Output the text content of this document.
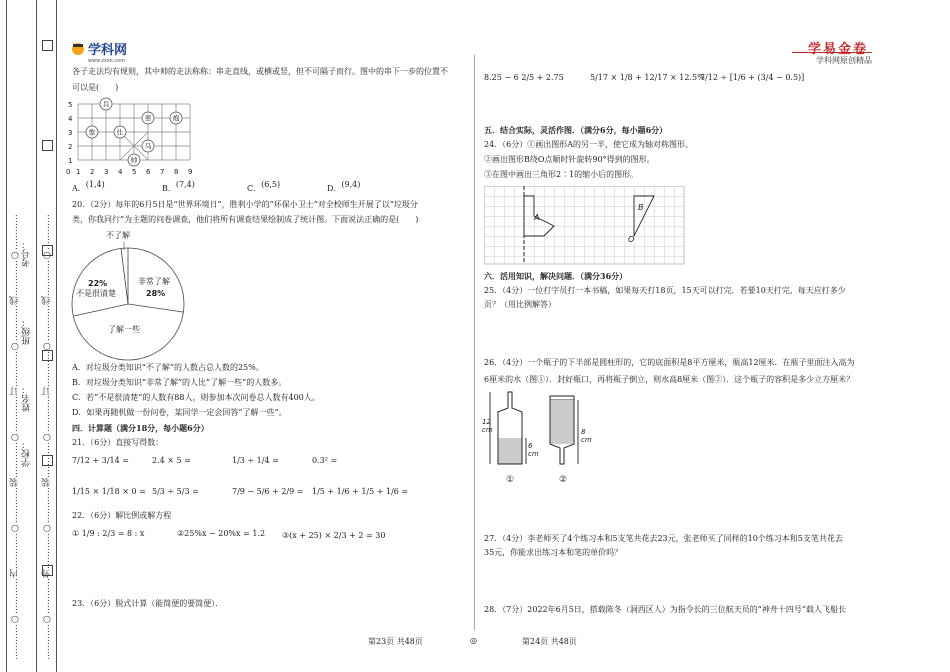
…………○…………外…………○…………装…………○…………订…………○…………线…………○…………
…………○…………内…………○…………装…………○…………订…………○…………线…………○………… 学校：
姓名：
班级：
考号：
学科网
www.zxxk.com
学易金卷
学科网原创精品
各子走法均有规则，其中帅的走法称称：串走直线，或横或竖，但不可隔子而行。图中的串下一步的位置不
可以是(　　)
5
4
3
2
1
0 1 2 3 4 5 6 7 8 9
兵
象	仕
車	炮
马
帅
A．(1,4)	B．(7,4)	C．(6,5)	D．(9,4)
20．（2分）每年的6月5日是“世界环境日”，胜利小学的“环保小卫士”对全校师生开展了以“垃圾分
类，你我同行”为主题的问卷调查，他们将所有调查结果绘制成了统计图。下面说法正确的是(　　)
不了解
非常了解
28%
22%
不是很清楚
了解一些
A．对垃圾分类知识“不了解”的人数占总人数的25%。
B．对垃圾分类知识“非常了解”的人比“了解一些”的人数多。
C．若“不是很清楚”的人数有88人，则参加本次问卷总人数有400人。
D．如果再随机做一份问卷，某同学一定会回答“了解一些”。
四．计算题（满分18分，每小题6分）
21．（6分）直接写得数：
7/12 + 3/14 =	2.4 × 5 =	1/3 ÷ 1/4 =	0.3² =
1/15 × 1/18 × 0 = 5/3 ÷ 5/3 =	7/9 − 5/6 + 2/9 = 1/5 + 1/6 + 1/5 + 1/6 =
22．（6分）解比例或解方程
① 1/9 : 2/3 = 8 : x	②25%x − 20%x = 1.2 ③(x + 25) × 2/3 + 2 = 30
23．（6分）脱式计算（能简便的要简便）．
8.25 − 6 2/5 + 2.75	5/17 × 1/8 + 12/17 × 12.5%
7/12 ÷ [1/6 + (3/4 − 0.5)]
五．结合实际，灵活作图．（满分6分，每小题6分）
24．（6分）①画出图形A的另一半，使它成为轴对称图形。
②画出图形B绕O点顺时针旋转90°得到的图形。
③在图中画出三角形2∶1的缩小后的图形。
A
B
O
六．活用知识，解决问题．（满分36分）
25．（4分）一位打字员打一本书稿，如果每天打18页，15天可以打完．若要10天打完，每天应打多少
页？（用比例解答）
26．（4分）一个瓶子的下半部是圆柱形的，它的底面积是8平方厘米，瓶高12厘米．在瓶子里面注入高为
6厘米的水（图①）．封好瓶口，再将瓶子倒立，则水高8厘米（图②）．这个瓶子的容积是多少立方厘米？
12
cm
6
cm
8
cm
①	②
27．（4分）李老师买了4个练习本和5支笔共花去23元，张老师买了同样的10个练习本和5支笔共花去
35元，你能求出练习本和笔的单价吗？
28．（7分）2022年6月5日，搭载陈冬（洞西区人）为指令长的三位航天员的“神舟十四号”载人飞船长
第23页 共48页	◎	第24页 共48页
